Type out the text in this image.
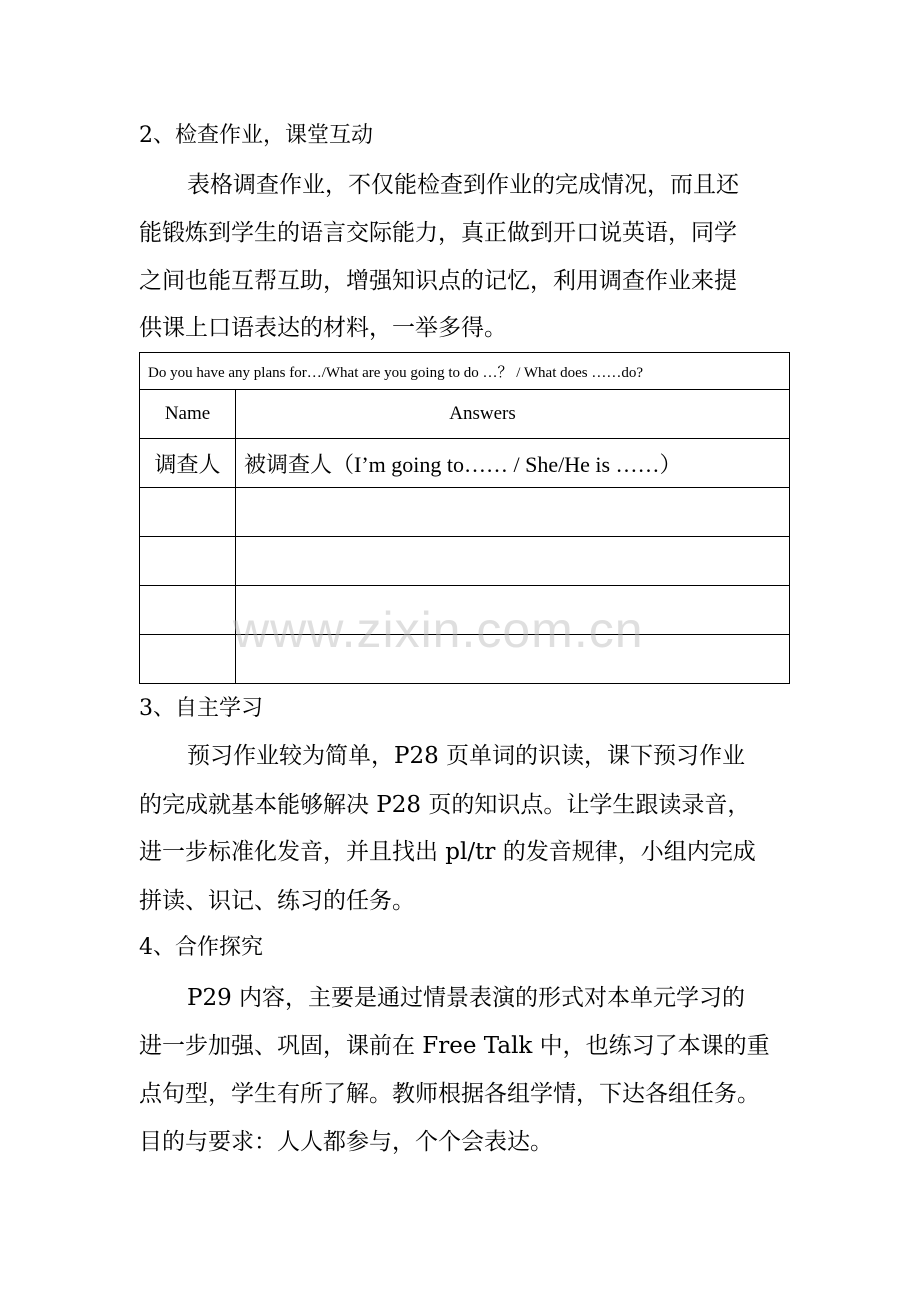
2、检查作业，课堂互动
表格调查作业，不仅能检查到作业的完成情况，而且还
能锻炼到学生的语言交际能力，真正做到开口说英语，同学
之间也能互帮互助，增强知识点的记忆，利用调查作业来提
供课上口语表达的材料，一举多得。
Do you have any plans for…/What are you going to do …？ / What does ……do?	
Name	Answers
调查人	被调查人（I’m going to…… / She/He is ……）

3、自主学习
预习作业较为简单，P28 页单词的识读，课下预习作业
的完成就基本能够解决 P28 页的知识点。让学生跟读录音，
进一步标准化发音，并且找出 pl/tr 的发音规律，小组内完成
拼读、识记、练习的任务。
4、合作探究
P29 内容，主要是通过情景表演的形式对本单元学习的
进一步加强、巩固，课前在 Free Talk 中，也练习了本课的重
点句型，学生有所了解。教师根据各组学情，下达各组任务。
目的与要求：人人都参与，个个会表达。
www.zixin.com.cn
